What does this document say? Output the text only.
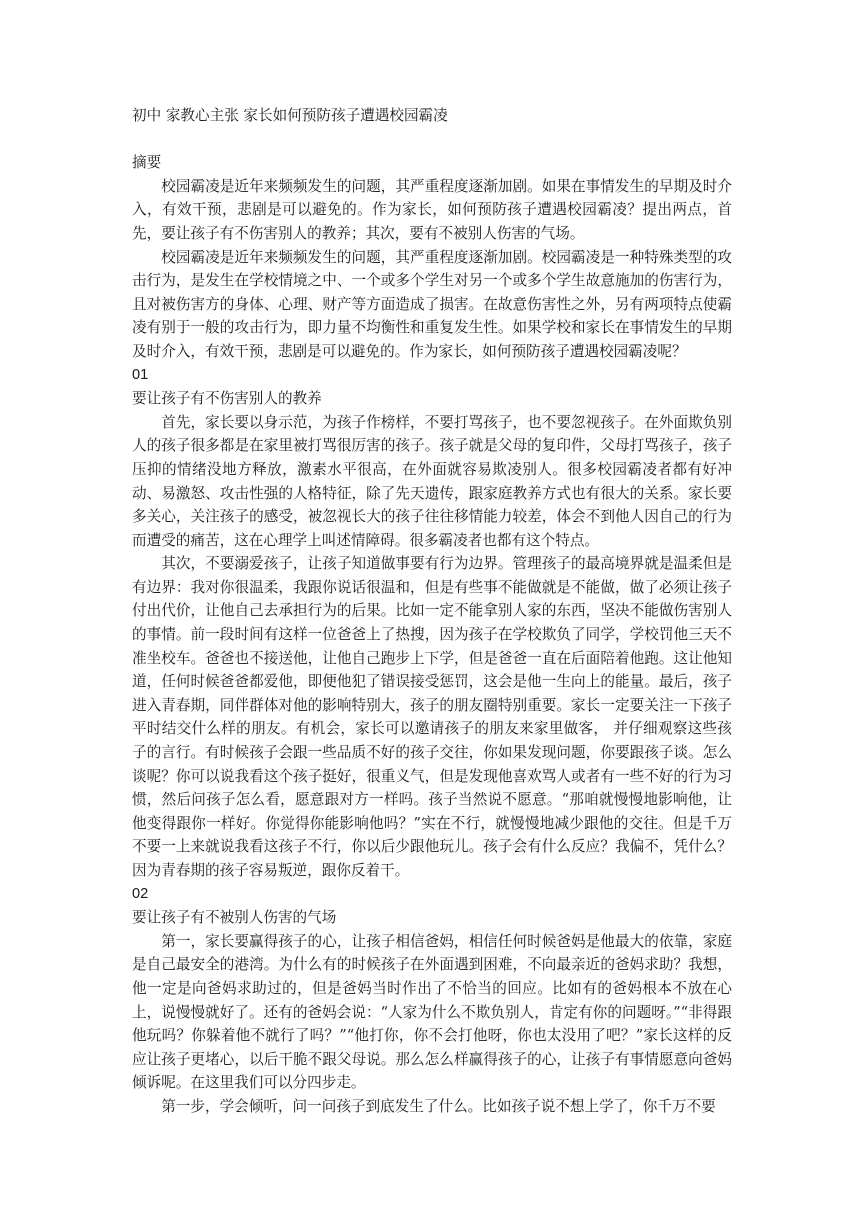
初中 家教心主张 家长如何预防孩子遭遇校园霸凌

摘要

校园霸凌是近年来频频发生的问题，其严重程度逐渐加剧。如果在事情发生的早期及时介入，有效干预，悲剧是可以避免的。作为家长，如何预防孩子遭遇校园霸凌？提出两点，首先，要让孩子有不伤害别人的教养；其次，要有不被别人伤害的气场。

校园霸凌是近年来频频发生的问题，其严重程度逐渐加剧。校园霸凌是一种特殊类型的攻击行为，是发生在学校情境之中、一个或多个学生对另一个或多个学生故意施加的伤害行为，且对被伤害方的身体、心理、财产等方面造成了损害。在故意伤害性之外，另有两项特点使霸凌有别于一般的攻击行为，即力量不均衡性和重复发生性。如果学校和家长在事情发生的早期及时介入，有效干预，悲剧是可以避免的。作为家长，如何预防孩子遭遇校园霸凌呢？

01

要让孩子有不伤害别人的教养

首先，家长要以身示范，为孩子作榜样，不要打骂孩子，也不要忽视孩子。在外面欺负别人的孩子很多都是在家里被打骂很厉害的孩子。孩子就是父母的复印件，父母打骂孩子，孩子压抑的情绪没地方释放，激素水平很高，在外面就容易欺凌别人。很多校园霸凌者都有好冲动、易激怒、攻击性强的人格特征，除了先天遗传，跟家庭教养方式也有很大的关系。家长要多关心，关注孩子的感受，被忽视长大的孩子往往移情能力较差，体会不到他人因自己的行为而遭受的痛苦，这在心理学上叫述情障碍。很多霸凌者也都有这个特点。

其次，不要溺爱孩子，让孩子知道做事要有行为边界。管理孩子的最高境界就是温柔但是有边界：我对你很温柔，我跟你说话很温和，但是有些事不能做就是不能做，做了必须让孩子付出代价，让他自己去承担行为的后果。比如一定不能拿别人家的东西，坚决不能做伤害别人的事情。前一段时间有这样一位爸爸上了热搜，因为孩子在学校欺负了同学，学校罚他三天不准坐校车。爸爸也不接送他，让他自己跑步上下学，但是爸爸一直在后面陪着他跑。这让他知道，任何时候爸爸都爱他，即便他犯了错误接受惩罚，这会是他一生向上的能量。最后，孩子进入青春期，同伴群体对他的影响特别大，孩子的朋友圈特别重要。家长一定要关注一下孩子平时结交什么样的朋友。有机会，家长可以邀请孩子的朋友来家里做客， 并仔细观察这些孩子的言行。有时候孩子会跟一些品质不好的孩子交往，你如果发现问题，你要跟孩子谈。怎么谈呢？你可以说我看这个孩子挺好，很重义气，但是发现他喜欢骂人或者有一些不好的行为习惯，然后问孩子怎么看，愿意跟对方一样吗。孩子当然说不愿意。“那咱就慢慢地影响他，让他变得跟你一样好。你觉得你能影响他吗？”实在不行，就慢慢地减少跟他的交往。但是千万不要一上来就说我看这孩子不行，你以后少跟他玩儿。孩子会有什么反应？我偏不，凭什么？因为青春期的孩子容易叛逆，跟你反着干。

02

要让孩子有不被别人伤害的气场

第一，家长要赢得孩子的心，让孩子相信爸妈，相信任何时候爸妈是他最大的依靠，家庭是自己最安全的港湾。为什么有的时候孩子在外面遇到困难，不向最亲近的爸妈求助？我想，他一定是向爸妈求助过的，但是爸妈当时作出了不恰当的回应。比如有的爸妈根本不放在心上，说慢慢就好了。还有的爸妈会说：“人家为什么不欺负别人，肯定有你的问题呀。”“非得跟他玩吗？你躲着他不就行了吗？”“他打你，你不会打他呀，你也太没用了吧？”家长这样的反应让孩子更堵心，以后干脆不跟父母说。那么怎么样赢得孩子的心，让孩子有事情愿意向爸妈倾诉呢。在这里我们可以分四步走。

第一步，学会倾听，问一问孩子到底发生了什么。比如孩子说不想上学了，你千万不要
